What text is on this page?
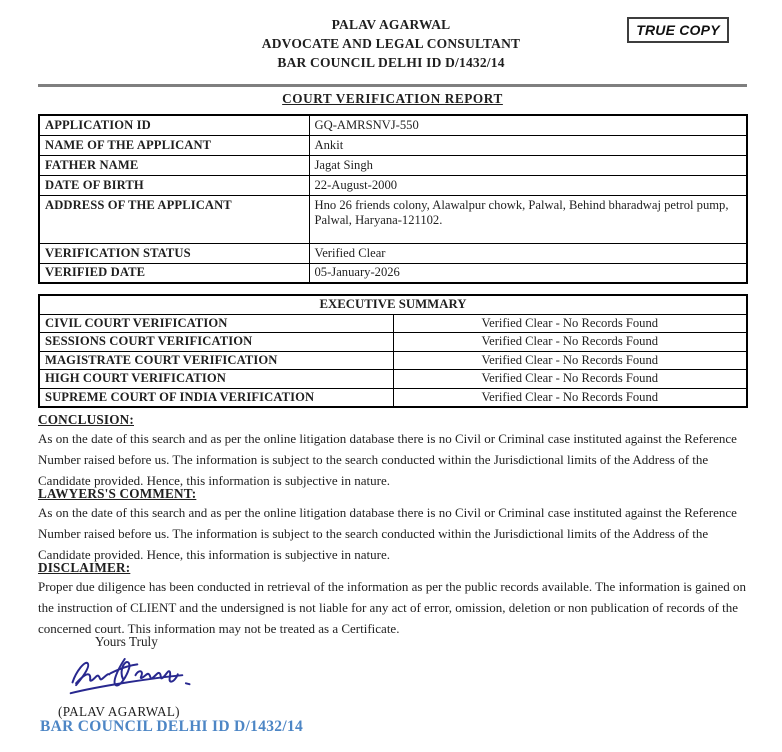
PALAV AGARWAL
ADVOCATE AND LEGAL CONSULTANT
BAR COUNCIL DELHI ID D/1432/14
TRUE COPY
COURT VERIFICATION REPORT
APPLICATION ID	GQ-AMRSNVJ-550
NAME OF THE APPLICANT	Ankit
FATHER NAME	Jagat Singh
DATE OF BIRTH	22-August-2000
ADDRESS OF THE APPLICANT	Hno 26 friends colony, Alawalpur chowk, Palwal, Behind bharadwaj petrol pump, Palwal, Haryana-121102.
VERIFICATION STATUS	Verified Clear
VERIFIED DATE	05-January-2026
EXECUTIVE SUMMARY	
CIVIL COURT VERIFICATION	Verified Clear - No Records Found
SESSIONS COURT VERIFICATION	Verified Clear - No Records Found
MAGISTRATE COURT VERIFICATION	Verified Clear - No Records Found
HIGH COURT VERIFICATION	Verified Clear - No Records Found
SUPREME COURT OF INDIA VERIFICATION	Verified Clear - No Records Found
CONCLUSION:

As on the date of this search and as per the online litigation database there is no Civil or Criminal case instituted against the Reference Number raised before us. The information is subject to the search conducted within the Jurisdictional limits of the Address of the Candidate provided. Hence, this information is subjective in nature.

LAWYERS'S COMMENT:

As on the date of this search and as per the online litigation database there is no Civil or Criminal case instituted against the Reference Number raised before us. The information is subject to the search conducted within the Jurisdictional limits of the Address of the Candidate provided. Hence, this information is subjective in nature.

DISCLAIMER:

Proper due diligence has been conducted in retrieval of the information as per the public records available. The information is gained on the instruction of CLIENT and the undersigned is not liable for any act of error, omission, deletion or non publication of records of the concerned court. This information may not be treated as a Certificate.

Yours Truly
(PALAV AGARWAL)
BAR COUNCIL DELHI ID D/1432/14
